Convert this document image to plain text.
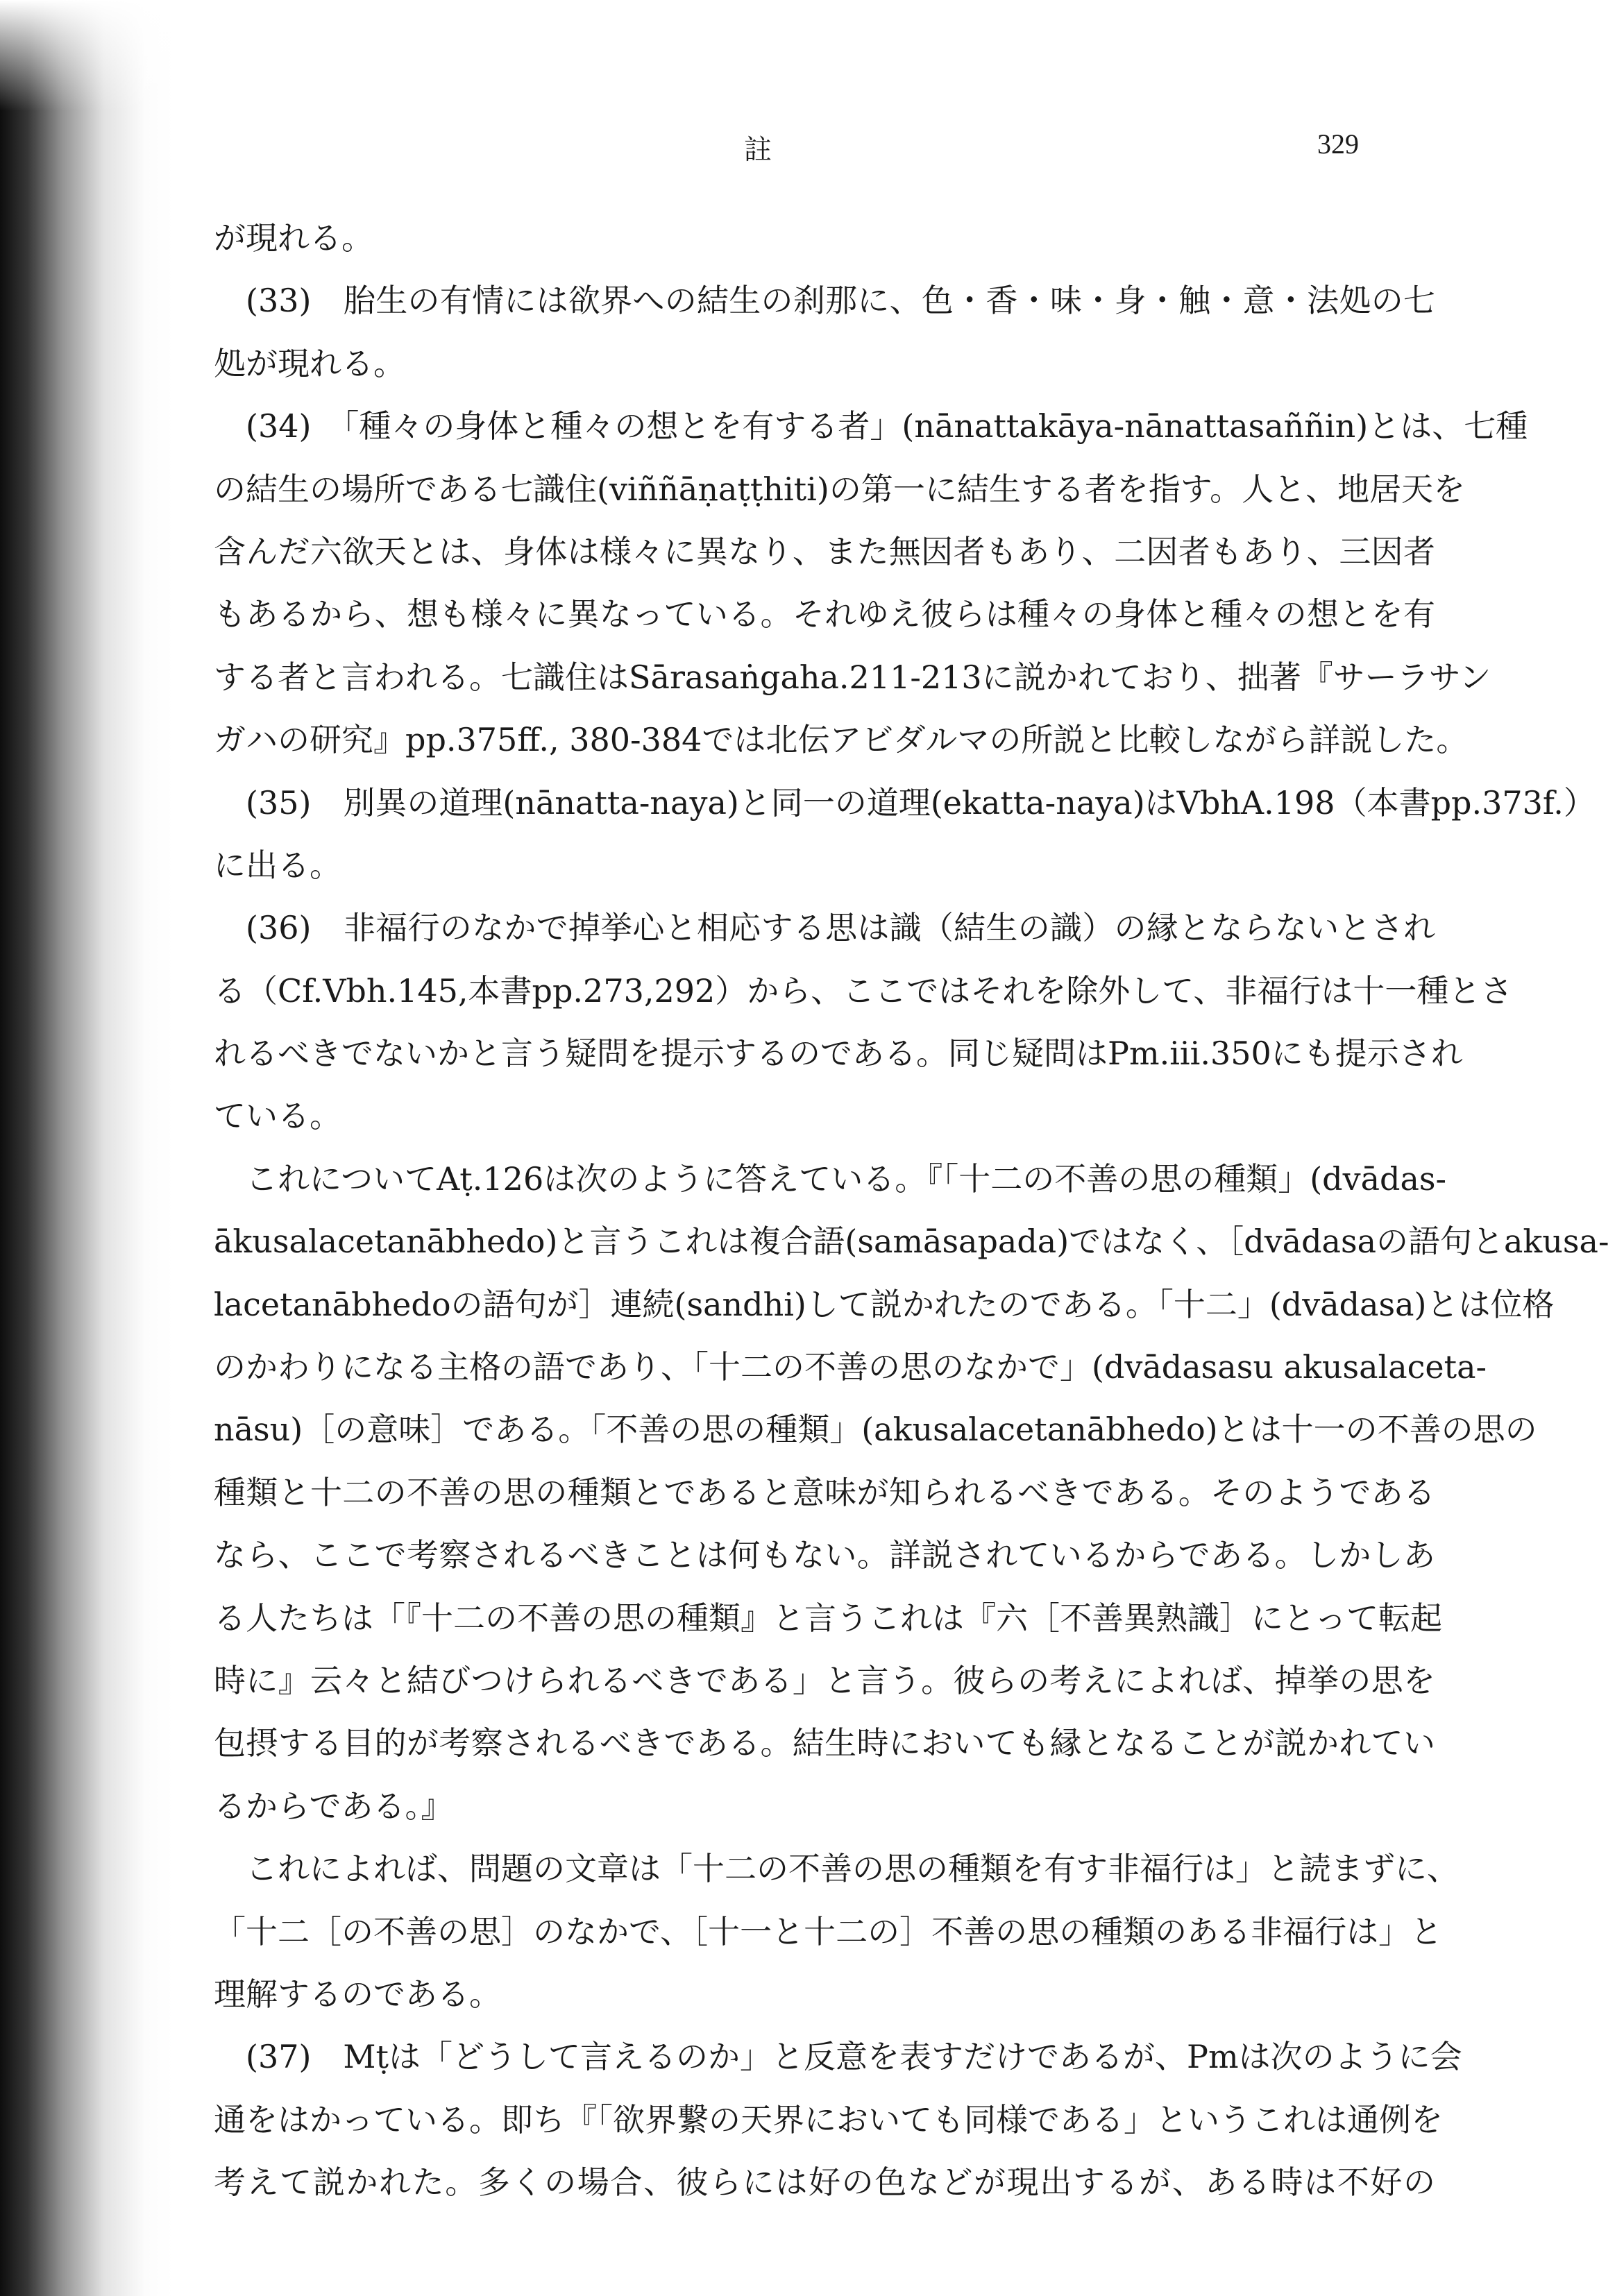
註	329
が現れる。
(33)　胎生の有情には欲界への結生の刹那に、色・香・味・身・触・意・法処の七
処が現れる。
(34)　「種々の身体と種々の想とを有する者」(nānattakāya-nānattasaññin)とは、七種
の結生の場所である七識住(viññāṇaṭṭhiti)の第一に結生する者を指す。人と、地居天を
含んだ六欲天とは、身体は様々に異なり、また無因者もあり、二因者もあり、三因者
もあるから、想も様々に異なっている。それゆえ彼らは種々の身体と種々の想とを有
する者と言われる。七識住はSārasaṅgaha.211-213に説かれており、拙著『サーラサン
ガハの研究』pp.375ff., 380-384では北伝アビダルマの所説と比較しながら詳説した。
(35)　別異の道理(nānatta-naya)と同一の道理(ekatta-naya)はVbhA.198（本書pp.373f.）
に出る。
(36)　非福行のなかで掉挙心と相応する思は識（結生の識）の縁とならないとされ
る（Cf.Vbh.145,本書pp.273,292）から、ここではそれを除外して、非福行は十一種とさ
れるべきでないかと言う疑問を提示するのである。同じ疑問はPm.iii.350にも提示され
ている。
これについてAṭ.126は次のように答えている。『「十二の不善の思の種類」(dvādas-
ākusalacetanābhedo)と言うこれは複合語(samāsapada)ではなく、［dvādasaの語句とakusa-
lacetanābhedoの語句が］連続(sandhi)して説かれたのである。「十二」(dvādasa)とは位格
のかわりになる主格の語であり、「十二の不善の思のなかで」(dvādasasu akusalaceta-
nāsu)［の意味］である。「不善の思の種類」(akusalacetanābhedo)とは十一の不善の思の
種類と十二の不善の思の種類とであると意味が知られるべきである。そのようである
なら、ここで考察されるべきことは何もない。詳説されているからである。しかしあ
る人たちは「『十二の不善の思の種類』と言うこれは『六［不善異熟識］にとって転起
時に』云々と結びつけられるべきである」と言う。彼らの考えによれば、掉挙の思を
包摂する目的が考察されるべきである。結生時においても縁となることが説かれてい
るからである。』
これによれば、問題の文章は「十二の不善の思の種類を有す非福行は」と読まずに、
「十二［の不善の思］のなかで、［十一と十二の］不善の思の種類のある非福行は」と
理解するのである。
(37)　Mṭは「どうして言えるのか」と反意を表すだけであるが、Pmは次のように会
通をはかっている。即ち『「欲界繋の天界においても同様である」というこれは通例を
考えて説かれた。多くの場合、彼らには好の色などが現出するが、ある時は不好の
